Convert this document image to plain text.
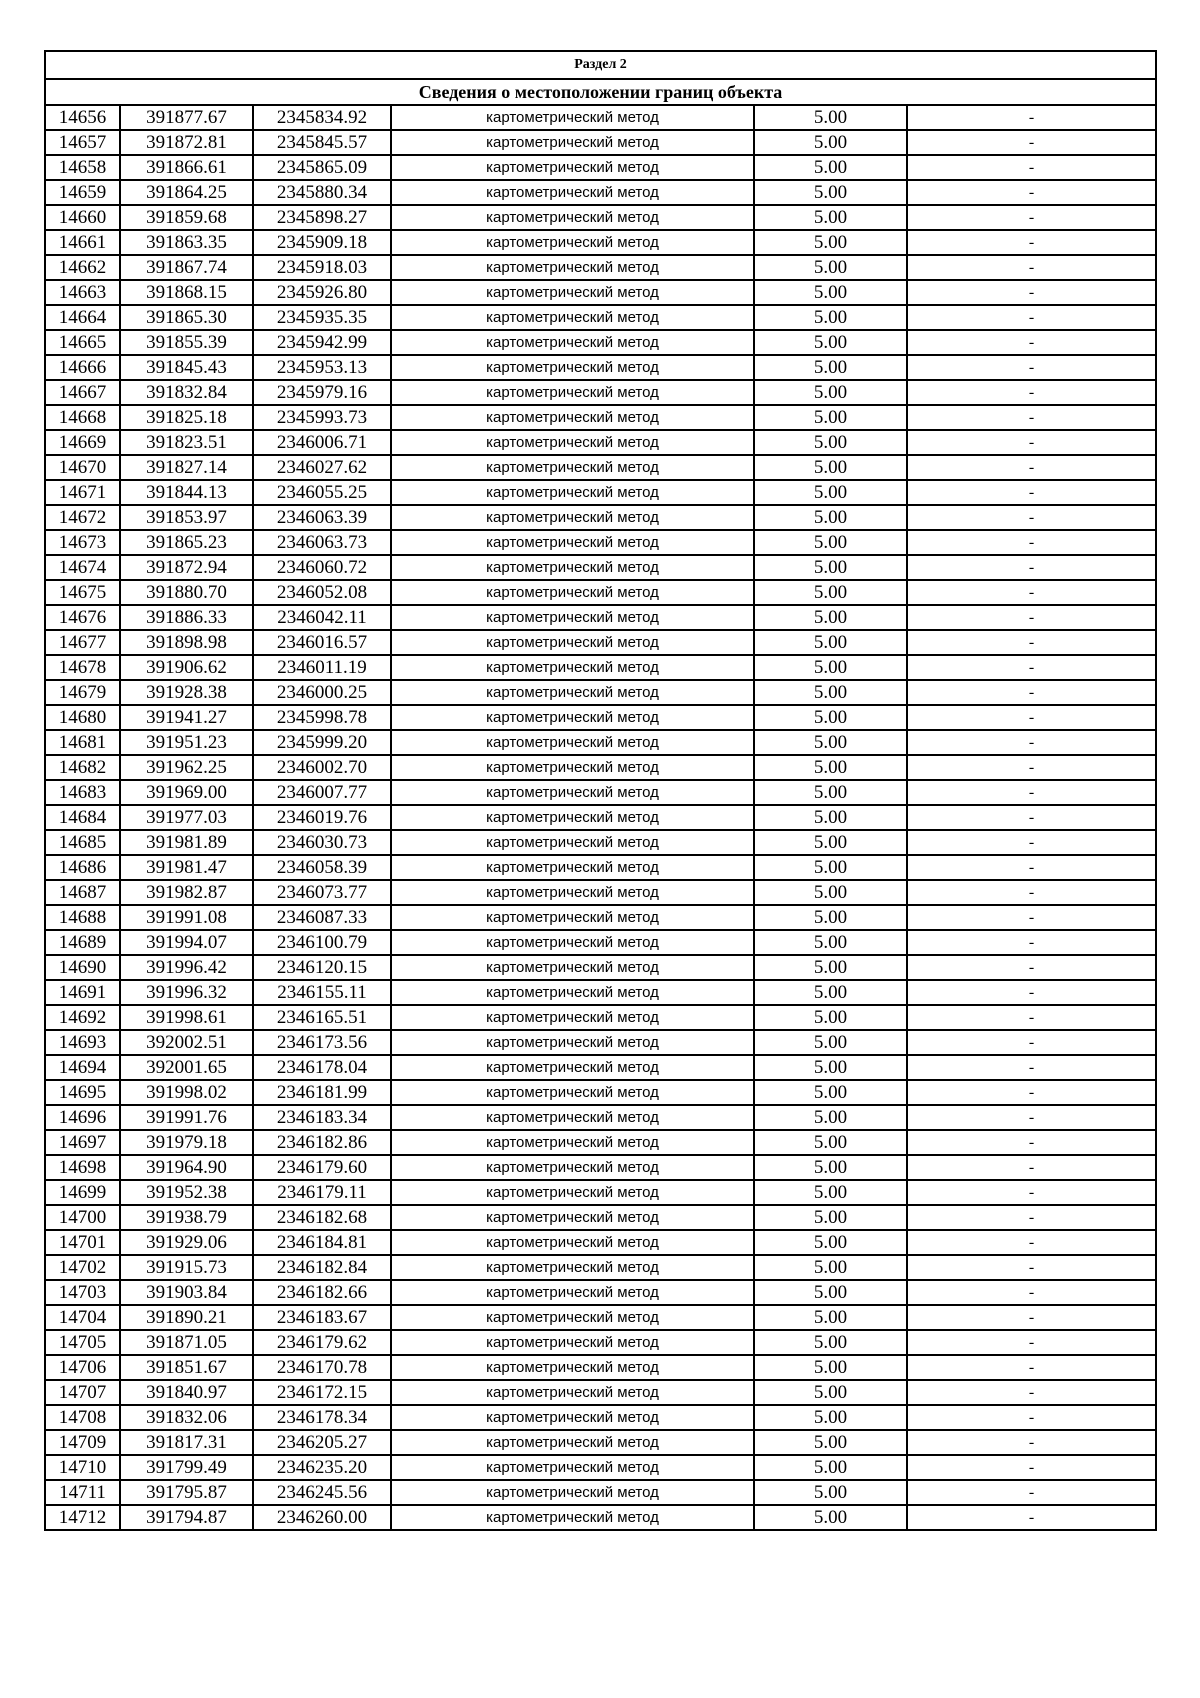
Раздел 2					
Сведения о местоположении границ объекта					
14656	391877.67	2345834.92	картометрический метод	5.00	-
14657	391872.81	2345845.57	картометрический метод	5.00	-
14658	391866.61	2345865.09	картометрический метод	5.00	-
14659	391864.25	2345880.34	картометрический метод	5.00	-
14660	391859.68	2345898.27	картометрический метод	5.00	-
14661	391863.35	2345909.18	картометрический метод	5.00	-
14662	391867.74	2345918.03	картометрический метод	5.00	-
14663	391868.15	2345926.80	картометрический метод	5.00	-
14664	391865.30	2345935.35	картометрический метод	5.00	-
14665	391855.39	2345942.99	картометрический метод	5.00	-
14666	391845.43	2345953.13	картометрический метод	5.00	-
14667	391832.84	2345979.16	картометрический метод	5.00	-
14668	391825.18	2345993.73	картометрический метод	5.00	-
14669	391823.51	2346006.71	картометрический метод	5.00	-
14670	391827.14	2346027.62	картометрический метод	5.00	-
14671	391844.13	2346055.25	картометрический метод	5.00	-
14672	391853.97	2346063.39	картометрический метод	5.00	-
14673	391865.23	2346063.73	картометрический метод	5.00	-
14674	391872.94	2346060.72	картометрический метод	5.00	-
14675	391880.70	2346052.08	картометрический метод	5.00	-
14676	391886.33	2346042.11	картометрический метод	5.00	-
14677	391898.98	2346016.57	картометрический метод	5.00	-
14678	391906.62	2346011.19	картометрический метод	5.00	-
14679	391928.38	2346000.25	картометрический метод	5.00	-
14680	391941.27	2345998.78	картометрический метод	5.00	-
14681	391951.23	2345999.20	картометрический метод	5.00	-
14682	391962.25	2346002.70	картометрический метод	5.00	-
14683	391969.00	2346007.77	картометрический метод	5.00	-
14684	391977.03	2346019.76	картометрический метод	5.00	-
14685	391981.89	2346030.73	картометрический метод	5.00	-
14686	391981.47	2346058.39	картометрический метод	5.00	-
14687	391982.87	2346073.77	картометрический метод	5.00	-
14688	391991.08	2346087.33	картометрический метод	5.00	-
14689	391994.07	2346100.79	картометрический метод	5.00	-
14690	391996.42	2346120.15	картометрический метод	5.00	-
14691	391996.32	2346155.11	картометрический метод	5.00	-
14692	391998.61	2346165.51	картометрический метод	5.00	-
14693	392002.51	2346173.56	картометрический метод	5.00	-
14694	392001.65	2346178.04	картометрический метод	5.00	-
14695	391998.02	2346181.99	картометрический метод	5.00	-
14696	391991.76	2346183.34	картометрический метод	5.00	-
14697	391979.18	2346182.86	картометрический метод	5.00	-
14698	391964.90	2346179.60	картометрический метод	5.00	-
14699	391952.38	2346179.11	картометрический метод	5.00	-
14700	391938.79	2346182.68	картометрический метод	5.00	-
14701	391929.06	2346184.81	картометрический метод	5.00	-
14702	391915.73	2346182.84	картометрический метод	5.00	-
14703	391903.84	2346182.66	картометрический метод	5.00	-
14704	391890.21	2346183.67	картометрический метод	5.00	-
14705	391871.05	2346179.62	картометрический метод	5.00	-
14706	391851.67	2346170.78	картометрический метод	5.00	-
14707	391840.97	2346172.15	картометрический метод	5.00	-
14708	391832.06	2346178.34	картометрический метод	5.00	-
14709	391817.31	2346205.27	картометрический метод	5.00	-
14710	391799.49	2346235.20	картометрический метод	5.00	-
14711	391795.87	2346245.56	картометрический метод	5.00	-
14712	391794.87	2346260.00	картометрический метод	5.00	-
